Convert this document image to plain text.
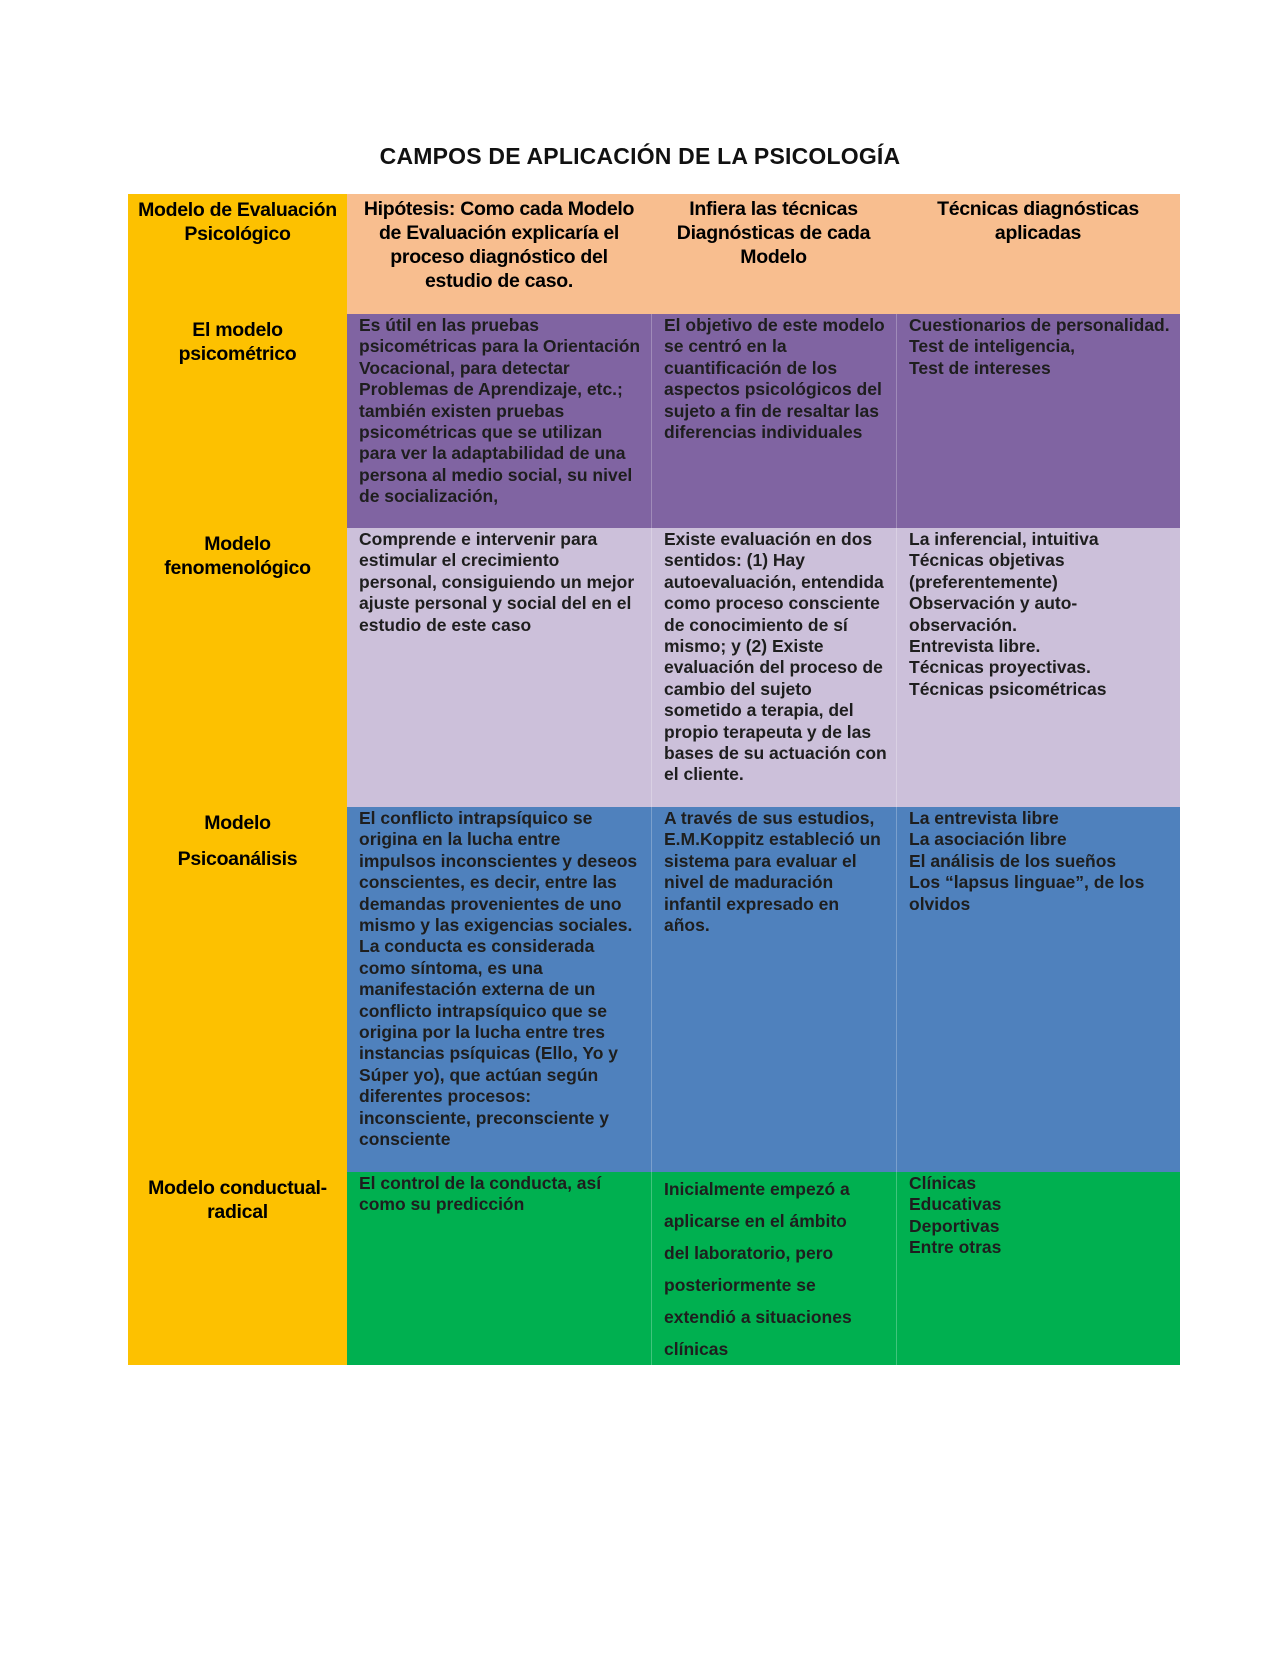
CAMPOS DE APLICACIÓN DE LA PSICOLOGÍA
Modelo de Evaluación Psicológico
Hipótesis: Como cada Modelo de Evaluación explicaría el proceso diagnóstico del estudio de caso.
Infiera las técnicas Diagnósticas de cada Modelo
Técnicas diagnósticas aplicadas
El modelo psicométrico
Es útil en las pruebas psicométricas para la Orientación Vocacional, para detectar Problemas de Aprendizaje, etc.; también existen pruebas psicométricas que se utilizan para ver la adaptabilidad de una persona al medio social, su nivel de socialización,
El objetivo de este modelo se centró en la cuantificación de los aspectos psicológicos del sujeto a fin de resaltar las diferencias individuales
Cuestionarios de personalidad.
Test de inteligencia,
Test de intereses
Modelo fenomenológico
Comprende e intervenir para estimular el crecimiento personal, consiguiendo un mejor ajuste personal y social del en el estudio de este caso
Existe evaluación en dos sentidos: (1) Hay autoevaluación, entendida como proceso consciente de conocimiento de sí mismo; y (2) Existe evaluación del proceso de cambio del sujeto sometido a terapia, del propio terapeuta y de las bases de su actuación con el cliente.
La inferencial, intuitiva
Técnicas objetivas (preferentemente)
Observación y auto-observación.
Entrevista libre.
Técnicas proyectivas.
Técnicas psicométricas
Modelo
Psicoanálisis
El conflicto intrapsíquico se origina en la lucha entre impulsos inconscientes y deseos conscientes, es decir, entre las demandas provenientes de uno mismo y las exigencias sociales. La conducta es considerada como síntoma, es una manifestación externa de un conflicto intrapsíquico que se origina por la lucha entre tres instancias psíquicas (Ello, Yo y Súper yo), que actúan según diferentes procesos: inconsciente, preconsciente y consciente
A través de sus estudios, E.M.Koppitz estableció un sistema para evaluar el nivel de maduración infantil expresado en años.
La entrevista libre
La asociación libre
El análisis de los sueños
Los “lapsus linguae”, de los olvidos
Modelo conductual- radical
El control de la conducta, así como su predicción
Inicialmente empezó a
aplicarse en el ámbito
del laboratorio, pero
posteriormente se
extendió a situaciones
clínicas
Clínicas
Educativas
Deportivas
Entre otras
